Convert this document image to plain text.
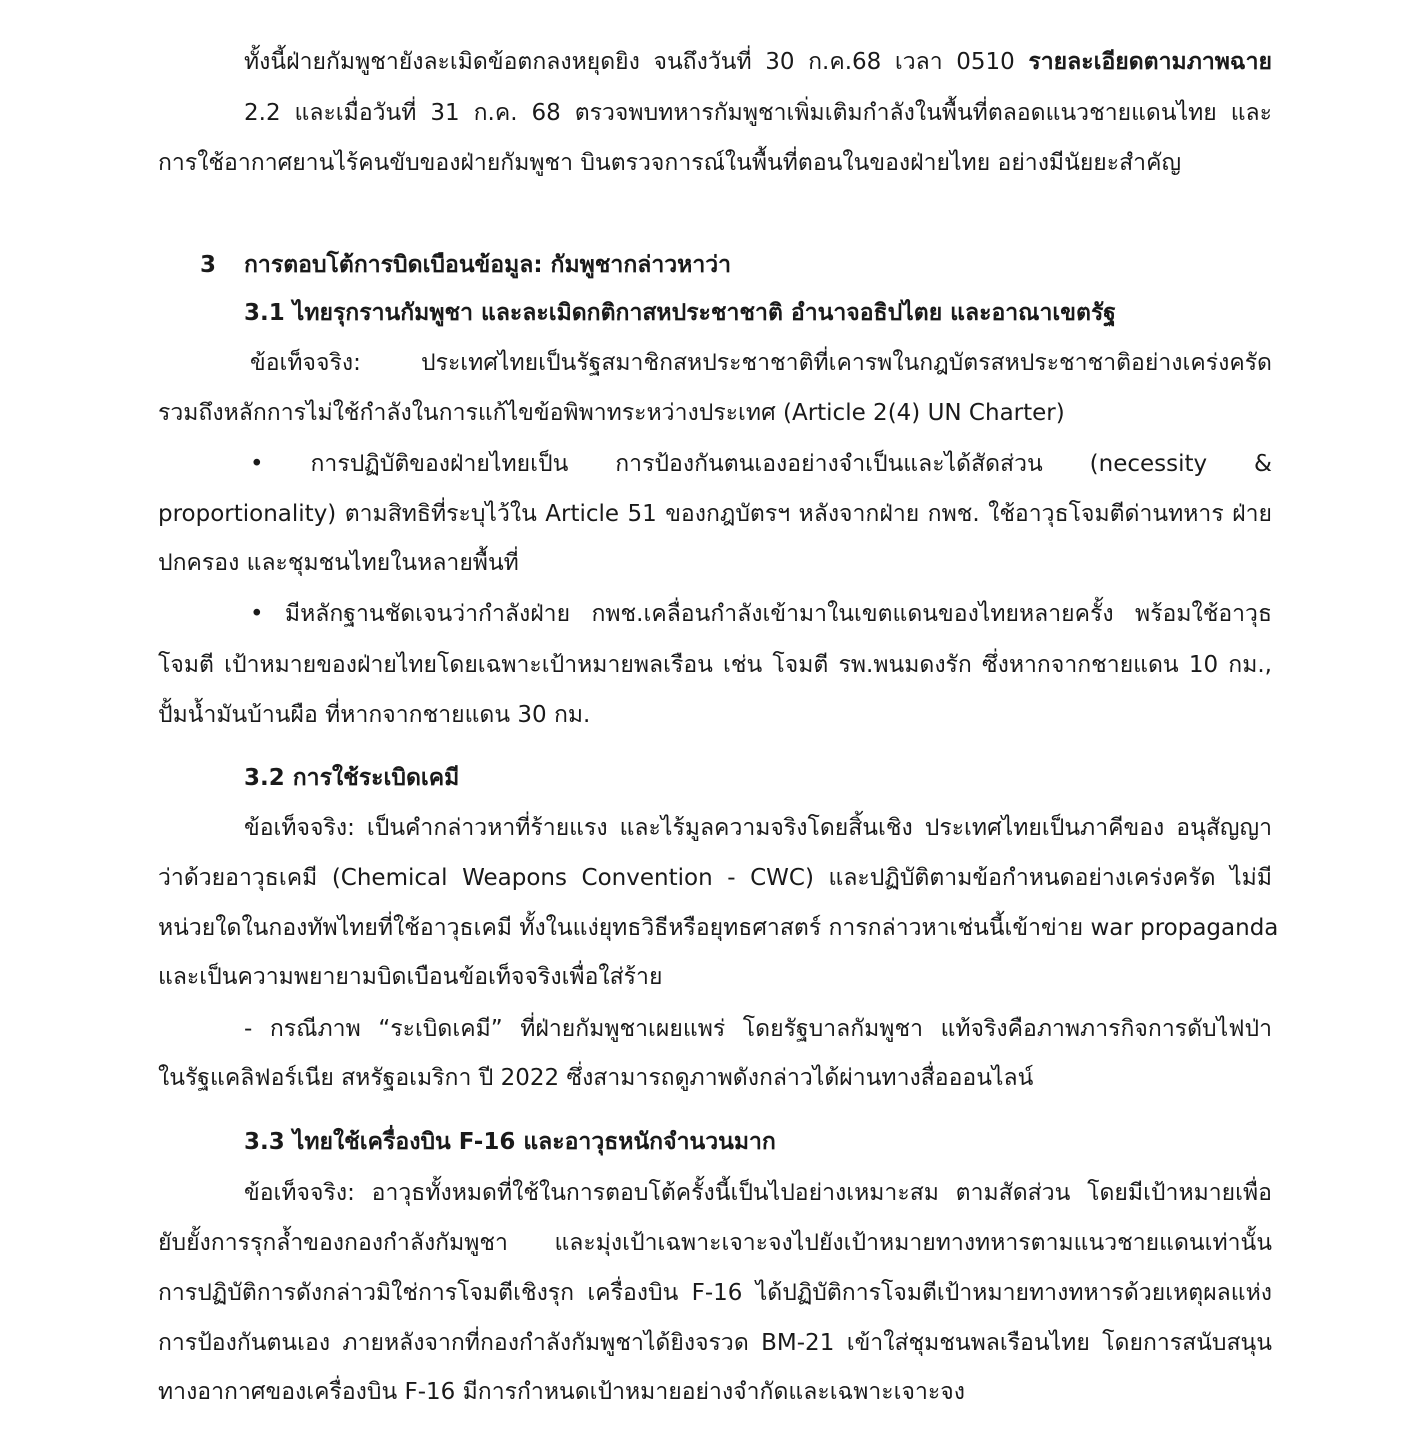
ทั้งนี้ฝ่ายกัมพูชายังละเมิดข้อตกลงหยุดยิง จนถึงวันที่ 30 ก.ค.68 เวลา 0510 รายละเอียดตามภาพฉาย
2.2 และเมื่อวันที่ 31 ก.ค. 68 ตรวจพบทหารกัมพูชาเพิ่มเติมกำลังในพื้นที่ตลอดแนวชายแดนไทย และ
การใช้อากาศยานไร้คนขับของฝ่ายกัมพูชา บินตรวจการณ์ในพื้นที่ตอนในของฝ่ายไทย อย่างมีนัยยะสำคัญ
3 การตอบโต้การบิดเบือนข้อมูล: กัมพูชากล่าวหาว่า
3.1 ไทยรุกรานกัมพูชา และละเมิดกติกาสหประชาชาติ อำนาจอธิปไตย และอาณาเขตรัฐ
ข้อเท็จจริง: ประเทศไทยเป็นรัฐสมาชิกสหประชาชาติที่เคารพในกฎบัตรสหประชาชาติอย่างเคร่งครัด
รวมถึงหลักการไม่ใช้กำลังในการแก้ไขข้อพิพาทระหว่างประเทศ (Article 2(4) UN Charter)
• การปฏิบัติของฝ่ายไทยเป็น การป้องกันตนเองอย่างจำเป็นและได้สัดส่วน (necessity &
proportionality) ตามสิทธิที่ระบุไว้ใน Article 51 ของกฎบัตรฯ หลังจากฝ่าย กพช. ใช้อาวุธโจมตีด่านทหาร ฝ่าย
ปกครอง และชุมชนไทยในหลายพื้นที่
• มีหลักฐานชัดเจนว่ากำลังฝ่าย กพช.เคลื่อนกำลังเข้ามาในเขตแดนของไทยหลายครั้ง พร้อมใช้อาวุธ
โจมตี เป้าหมายของฝ่ายไทยโดยเฉพาะเป้าหมายพลเรือน เช่น โจมตี รพ.พนมดงรัก ซึ่งหากจากชายแดน 10 กม.,
ปั้มน้ำมันบ้านผือ ที่หากจากชายแดน 30 กม.
3.2 การใช้ระเบิดเคมี
ข้อเท็จจริง: เป็นคำกล่าวหาที่ร้ายแรง และไร้มูลความจริงโดยสิ้นเชิง ประเทศไทยเป็นภาคีของ อนุสัญญา
ว่าด้วยอาวุธเคมี (Chemical Weapons Convention - CWC) และปฏิบัติตามข้อกำหนดอย่างเคร่งครัด ไม่มี
หน่วยใดในกองทัพไทยที่ใช้อาวุธเคมี ทั้งในแง่ยุทธวิธีหรือยุทธศาสตร์ การกล่าวหาเช่นนี้เข้าข่าย war propaganda
และเป็นความพยายามบิดเบือนข้อเท็จจริงเพื่อใส่ร้าย
- กรณีภาพ “ระเบิดเคมี” ที่ฝ่ายกัมพูชาเผยแพร่ โดยรัฐบาลกัมพูชา แท้จริงคือภาพภารกิจการดับไฟป่า
ในรัฐแคลิฟอร์เนีย สหรัฐอเมริกา ปี 2022 ซึ่งสามารถดูภาพดังกล่าวได้ผ่านทางสื่อออนไลน์
3.3 ไทยใช้เครื่องบิน F-16 และอาวุธหนักจำนวนมาก
ข้อเท็จจริง: อาวุธทั้งหมดที่ใช้ในการตอบโต้ครั้งนี้เป็นไปอย่างเหมาะสม ตามสัดส่วน โดยมีเป้าหมายเพื่อ
ยับยั้งการรุกล้ำของกองกำลังกัมพูชา และมุ่งเป้าเฉพาะเจาะจงไปยังเป้าหมายทางทหารตามแนวชายแดนเท่านั้น
การปฏิบัติการดังกล่าวมิใช่การโจมตีเชิงรุก เครื่องบิน F-16 ได้ปฏิบัติการโจมตีเป้าหมายทางทหารด้วยเหตุผลแห่ง
การป้องกันตนเอง ภายหลังจากที่กองกำลังกัมพูชาได้ยิงจรวด BM-21 เข้าใส่ชุมชนพลเรือนไทย โดยการสนับสนุน
ทางอากาศของเครื่องบิน F-16 มีการกำหนดเป้าหมายอย่างจำกัดและเฉพาะเจาะจง
